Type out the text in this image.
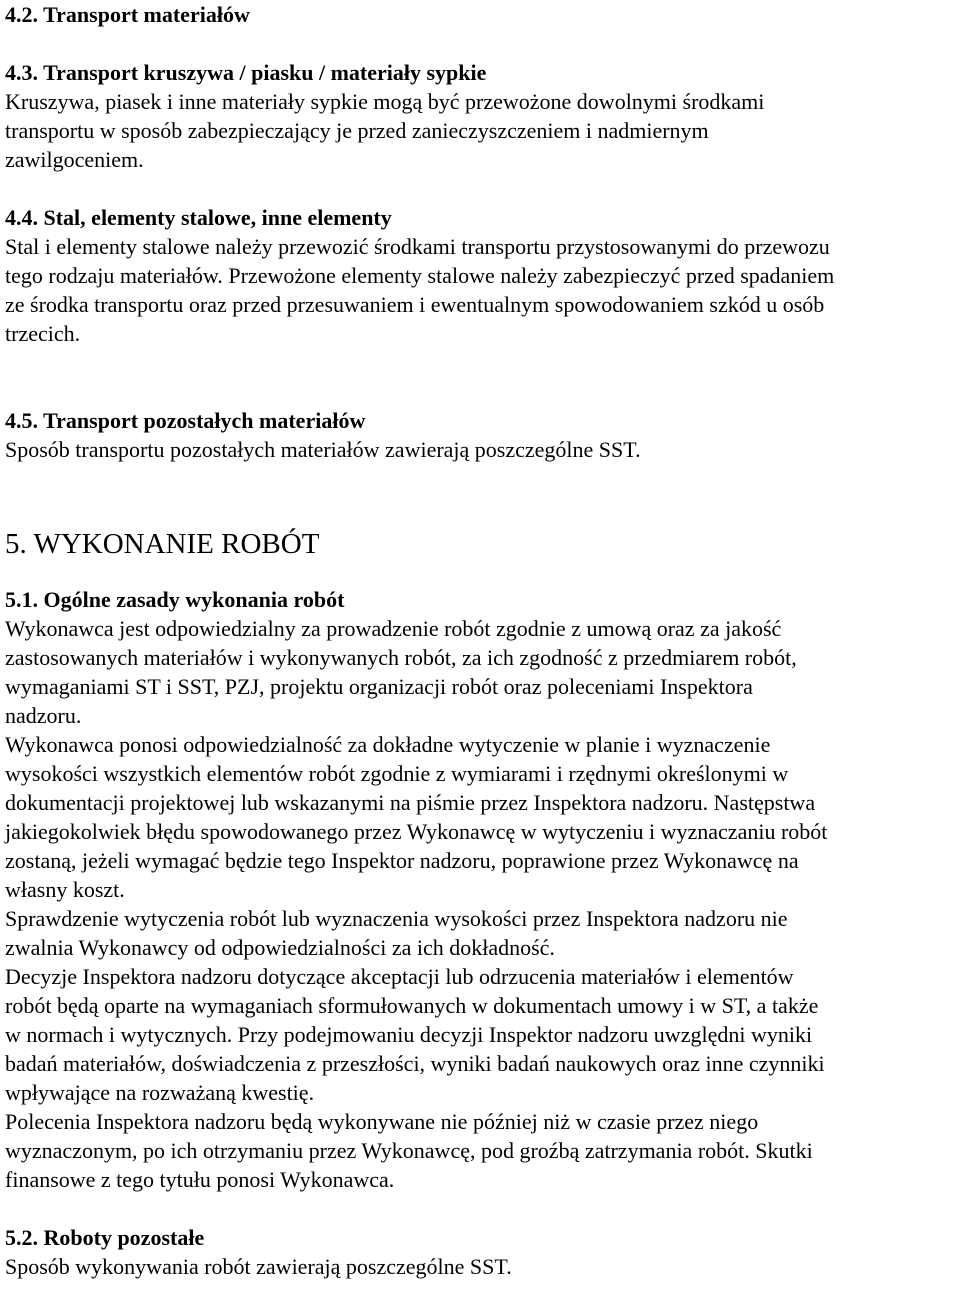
4.2. Transport materiałów

4.3. Transport kruszywa / piasku / materiały sypkie

Kruszywa, piasek i inne materiały sypkie mogą być przewożone dowolnymi środkami

transportu w sposób zabezpieczający je przed zanieczyszczeniem i nadmiernym

zawilgoceniem.

4.4. Stal, elementy stalowe, inne elementy

Stal i elementy stalowe należy przewozić środkami transportu przystosowanymi do przewozu

tego rodzaju materiałów. Przewożone elementy stalowe należy zabezpieczyć przed spadaniem

ze środka transportu oraz przed przesuwaniem i ewentualnym spowodowaniem szkód u osób

trzecich.

4.5. Transport pozostałych materiałów

Sposób transportu pozostałych materiałów zawierają poszczególne SST.

5. WYKONANIE ROBÓT

5.1. Ogólne zasady wykonania robót

Wykonawca jest odpowiedzialny za prowadzenie robót zgodnie z umową oraz za jakość

zastosowanych materiałów i wykonywanych robót, za ich zgodność z przedmiarem robót,

wymaganiami ST i SST, PZJ, projektu organizacji robót oraz poleceniami Inspektora

nadzoru.

Wykonawca ponosi odpowiedzialność za dokładne wytyczenie w planie i wyznaczenie

wysokości wszystkich elementów robót zgodnie z wymiarami i rzędnymi określonymi w

dokumentacji projektowej lub wskazanymi na piśmie przez Inspektora nadzoru. Następstwa

jakiegokolwiek błędu spowodowanego przez Wykonawcę w wytyczeniu i wyznaczaniu robót

zostaną, jeżeli wymagać będzie tego Inspektor nadzoru, poprawione przez Wykonawcę na

własny koszt.

Sprawdzenie wytyczenia robót lub wyznaczenia wysokości przez Inspektora nadzoru nie

zwalnia Wykonawcy od odpowiedzialności za ich dokładność.

Decyzje Inspektora nadzoru dotyczące akceptacji lub odrzucenia materiałów i elementów

robót będą oparte na wymaganiach sformułowanych w dokumentach umowy i w ST, a także

w normach i wytycznych. Przy podejmowaniu decyzji Inspektor nadzoru uwzględni wyniki

badań materiałów, doświadczenia z przeszłości, wyniki badań naukowych oraz inne czynniki

wpływające na rozważaną kwestię.

Polecenia Inspektora nadzoru będą wykonywane nie później niż w czasie przez niego

wyznaczonym, po ich otrzymaniu przez Wykonawcę, pod groźbą zatrzymania robót. Skutki

finansowe z tego tytułu ponosi Wykonawca.

5.2. Roboty pozostałe

Sposób wykonywania robót zawierają poszczególne SST.
